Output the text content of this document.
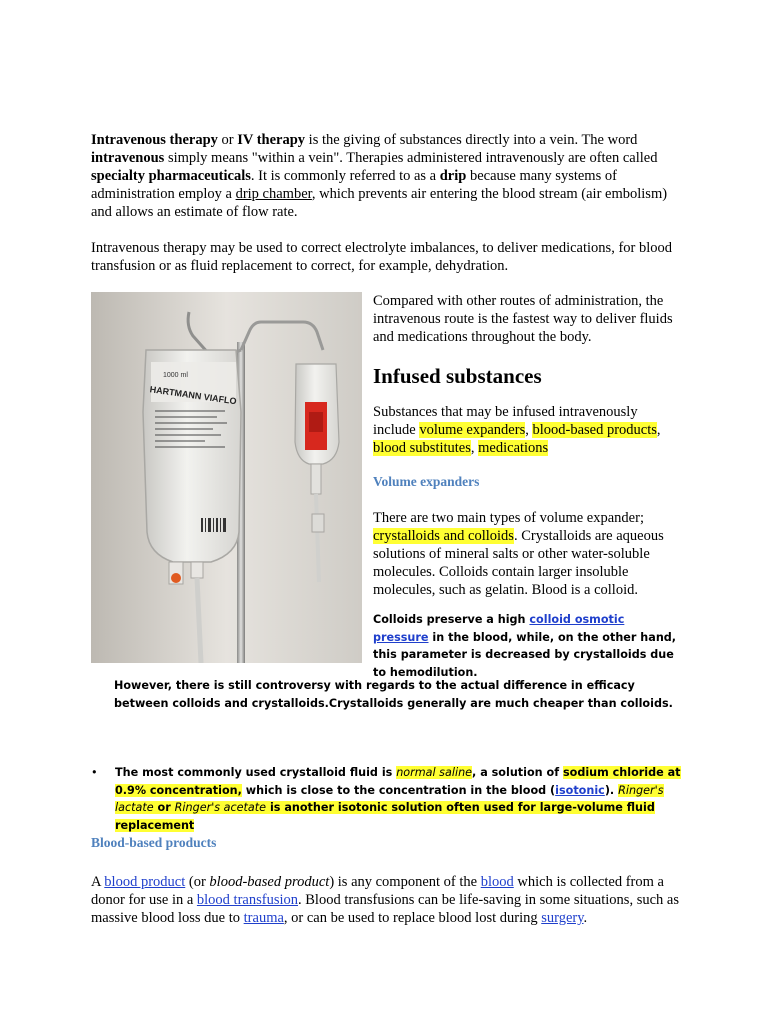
Intravenous therapy or IV therapy is the giving of substances directly into a vein. The word intravenous simply means "within a vein". Therapies administered intravenously are often called specialty pharmaceuticals. It is commonly referred to as a drip because many systems of administration employ a drip chamber, which prevents air entering the blood stream (air embolism) and allows an estimate of flow rate.

Intravenous therapy may be used to correct electrolyte imbalances, to deliver medications, for blood transfusion or as fluid replacement to correct, for example, dehydration.

1000 ml
HARTMANN VIAFLO

Compared with other routes of administration, the intravenous route is the fastest way to deliver fluids and medications throughout the body.

Infused substances

Substances that may be infused intravenously include volume expanders, blood-based products, blood substitutes, medications

Volume expanders

There are two main types of volume expander; crystalloids and colloids. Crystalloids are aqueous solutions of mineral salts or other water-soluble molecules. Colloids contain larger insoluble molecules, such as gelatin. Blood is a colloid.

Colloids preserve a high colloid osmotic pressure in the blood, while, on the other hand, this parameter is decreased by crystalloids due to hemodilution.

However, there is still controversy with regards to the actual difference in efficacy between colloids and crystalloids.Crystalloids generally are much cheaper than colloids.

• The most commonly used crystalloid fluid is normal saline, a solution of sodium chloride at 0.9% concentration, which is close to the concentration in the blood (isotonic). Ringer's lactate or Ringer's acetate is another isotonic solution often used for large-volume fluid replacement

Blood-based products

A blood product (or blood-based product) is any component of the blood which is collected from a donor for use in a blood transfusion. Blood transfusions can be life-saving in some situations, such as massive blood loss due to trauma, or can be used to replace blood lost during surgery.
